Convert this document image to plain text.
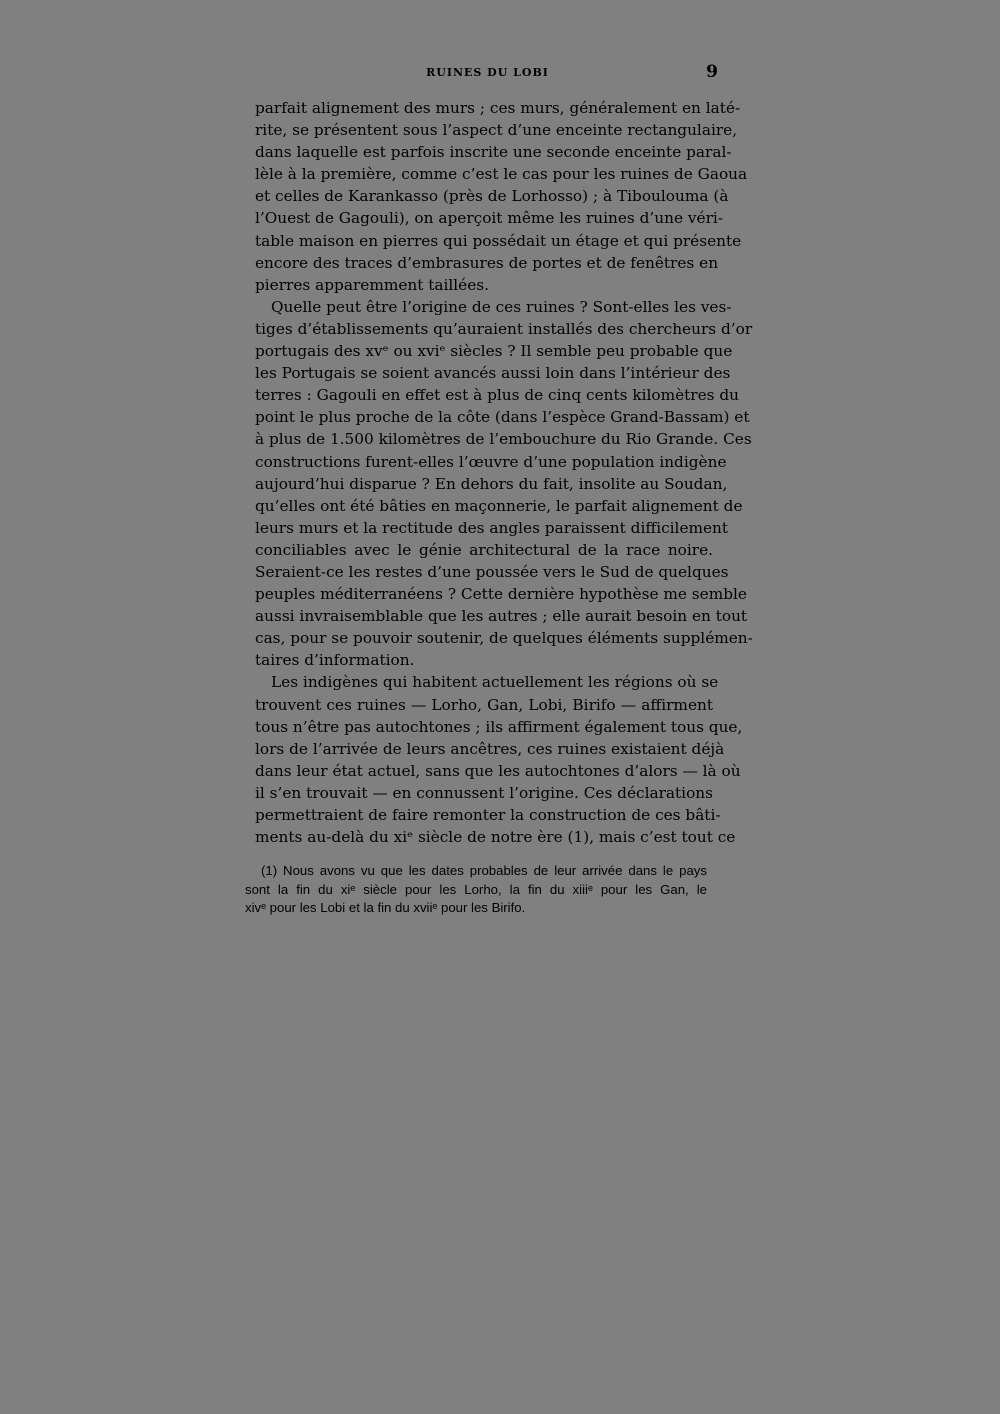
RUINES DU LOBI	9
parfait alignement des murs ; ces murs, généralement en laté-
rite, se présentent sous l’aspect d’une enceinte rectangulaire,
dans laquelle est parfois inscrite une seconde enceinte paral-
lèle à la première, comme c’est le cas pour les ruines de Gaoua
et celles de Karankasso (près de Lorhosso) ; à Tiboulouma (à
l’Ouest de Gagouli), on aperçoit même les ruines d’une véri-
table maison en pierres qui possédait un étage et qui présente
encore des traces d’embrasures de portes et de fenêtres en
pierres apparemment taillées.
Quelle peut être l’origine de ces ruines ? Sont-elles les ves-
tiges d’établissements qu’auraient installés des chercheurs d’or
portugais des xvᵉ ou xviᵉ siècles ? Il semble peu probable que
les Portugais se soient avancés aussi loin dans l’intérieur des
terres : Gagouli en effet est à plus de cinq cents kilomètres du
point le plus proche de la côte (dans l’espèce Grand-Bassam) et
à plus de 1.500 kilomètres de l’embouchure du Rio Grande. Ces
constructions furent-elles l’œuvre d’une population indigène
aujourd’hui disparue ? En dehors du fait, insolite au Soudan,
qu’elles ont été bâties en maçonnerie, le parfait alignement de
leurs murs et la rectitude des angles paraissent difficilement
conciliables avec le génie architectural de la race noire.
Seraient-ce les restes d’une poussée vers le Sud de quelques
peuples méditerranéens ? Cette dernière hypothèse me semble
aussi invraisemblable que les autres ; elle aurait besoin en tout
cas, pour se pouvoir soutenir, de quelques éléments supplémen-
taires d’information.
Les indigènes qui habitent actuellement les régions où se
trouvent ces ruines — Lorho, Gan, Lobi, Birifo — affirment
tous n’être pas autochtones ; ils affirment également tous que,
lors de l’arrivée de leurs ancêtres, ces ruines existaient déjà
dans leur état actuel, sans que les autochtones d’alors — là où
il s’en trouvait — en connussent l’origine. Ces déclarations
permettraient de faire remonter la construction de ces bâti-
ments au-delà du xiᵉ siècle de notre ère (1), mais c’est tout ce
(1) Nous avons vu que les dates probables de leur arrivée dans le pays
sont la fin du xiᵉ siècle pour les Lorho, la fin du xiiiᵉ pour les Gan, le
xivᵉ pour les Lobi et la fin du xviiᵉ pour les Birifo.
